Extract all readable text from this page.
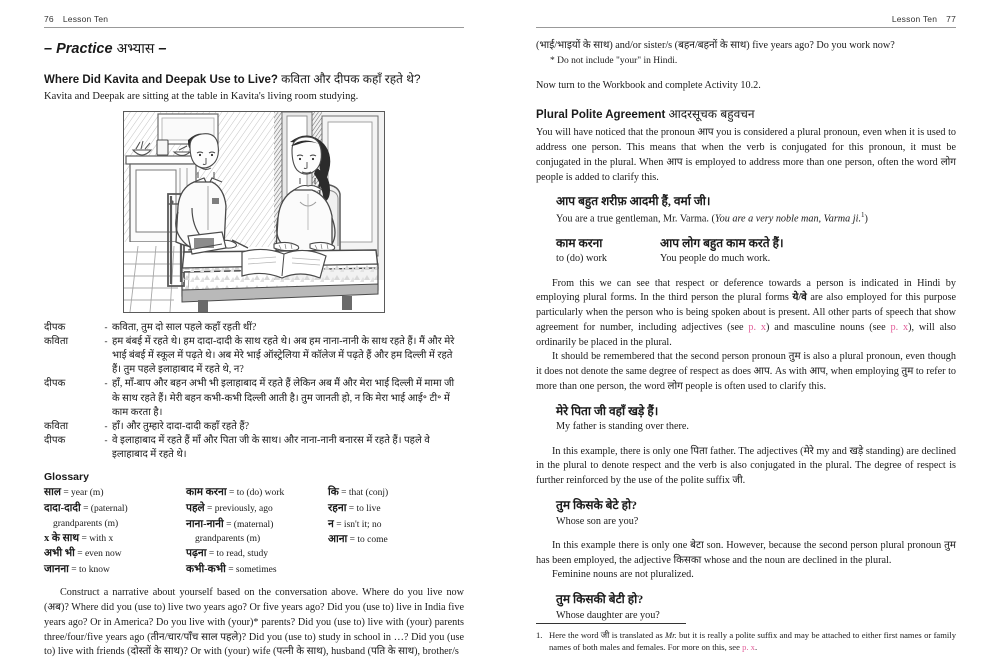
76 Lesson Ten
– Practice अभ्यास –
Where Did Kavita and Deepak Use to Live? कविता और दीपक कहाँ रहते थे?
Kavita and Deepak are sitting at the table in Kavita's living room studying.
दीपक	- कविता, तुम दो साल पहले कहाँ रहती थीं?
कविता	- हम बंबई में रहते थे। हम दादा-दादी के साथ रहते थे। अब हम नाना-नानी के साथ रहते हैं। मैं और मेरे भाई बंबई में स्कूल में पढ़ते थे। अब मेरे भाई ऑस्ट्रेलिया में कॉलेज में पढ़ते हैं और हम दिल्ली में रहते हैं। तुम पहले इलाहाबाद में रहते थे, न?
दीपक	- हाँ, माँ-बाप और बहन अभी भी इलाहाबाद में रहते हैं लेकिन अब मैं और मेरा भाई दिल्ली में मामा जी के साथ रहते हैं। मेरी बहन कभी-कभी दिल्ली आती है। तुम जानती हो, न कि मेरा भाई आई॰ टी॰ में काम करता है।
कविता	- हाँ। और तुम्हारे दादा-दादी कहाँ रहते हैं?
दीपक	- वे इलाहाबाद में रहते हैं माँ और पिता जी के साथ। और नाना-नानी बनारस में रहते हैं। पहले वे इलाहाबाद में रहते थे।
Glossary
साल = year (m)
दादा-दादी = (paternal)
grandparents (m)
x के साथ = with x
अभी भी = even now
जानना = to know
काम करना = to (do) work
पहले = previously, ago
नाना-नानी = (maternal)
grandparents (m)
पढ़ना = to read, study
कभी-कभी = sometimes
कि = that (conj)
रहना = to live
न = isn't it; no
आना = to come

Construct a narrative about yourself based on the conversation above. Where do you live now (अब)? Where did you (use to) live two years ago? Or five years ago? Did you (use to) live in India five years ago? Or in America? Do you live with (your)* parents? Did you (use to) live with (your) parents three/four/five years ago (तीन/चार/पाँच साल पहले)? Did you (use to) study in school in …? Did you (use to) live with friends (दोस्तों के साथ)? Or with (your) wife (पत्नी के साथ), husband (पति के साथ), brother/s

Lesson Ten 77

(भाई/भाइयों के साथ) and/or sister/s (बहन/बहनों के साथ) five years ago? Do you work now?

* Do not include "your" in Hindi.
Now turn to the Workbook and complete Activity 10.2.
Plural Polite Agreement आदरसूचक बहुवचन

You will have noticed that the pronoun आप you is considered a plural pronoun, even when it is used to address one person. This means that when the verb is conjugated for this pronoun, it must be conjugated in the plural. When आप is employed to address more than one person, often the word लोग people is added to clarify this.

आप बहुत शरीफ़ आदमी हैं, वर्मा जी।
You are a true gentleman, Mr. Varma. (You are a very noble man, Varma ji.$^1$)
काम करना
to (do) work
आप लोग बहुत काम करते हैं।
You people do much work.

From this we can see that respect or deference towards a person is indicated in Hindi by employing plural forms. In the third person the plural forms ये/वे are also employed for this purpose particularly when the person who is being spoken about is present. All other parts of speech that show agreement for number, including adjectives (see p. x) and masculine nouns (see p. x), will also ordinarily be placed in the plural.

It should be remembered that the second person pronoun तुम is also a plural pronoun, even though it does not denote the same degree of respect as does आप. As with आप, when employing तुम to refer to more than one person, the word लोग people is often used to clarify this.

मेरे पिता जी वहाँ खड़े हैं।
My father is standing over there.

In this example, there is only one पिता father. The adjectives (मेरे my and खड़े standing) are declined in the plural to denote respect and the verb is also conjugated in the plural. The degree of respect is further reinforced by the use of the polite suffix जी.

तुम किसके बेटे हो?
Whose son are you?

In this example there is only one बेटा son. However, because the second person plural pronoun तुम has been employed, the adjective किसका whose and the noun are declined in the plural.

Feminine nouns are not pluralized.

तुम किसकी बेटी हो?
Whose daughter are you?
1. Here the word जी is translated as Mr. but it is really a polite suffix and may be attached to either first names or family names of both males and females. For more on this, see p. x.
